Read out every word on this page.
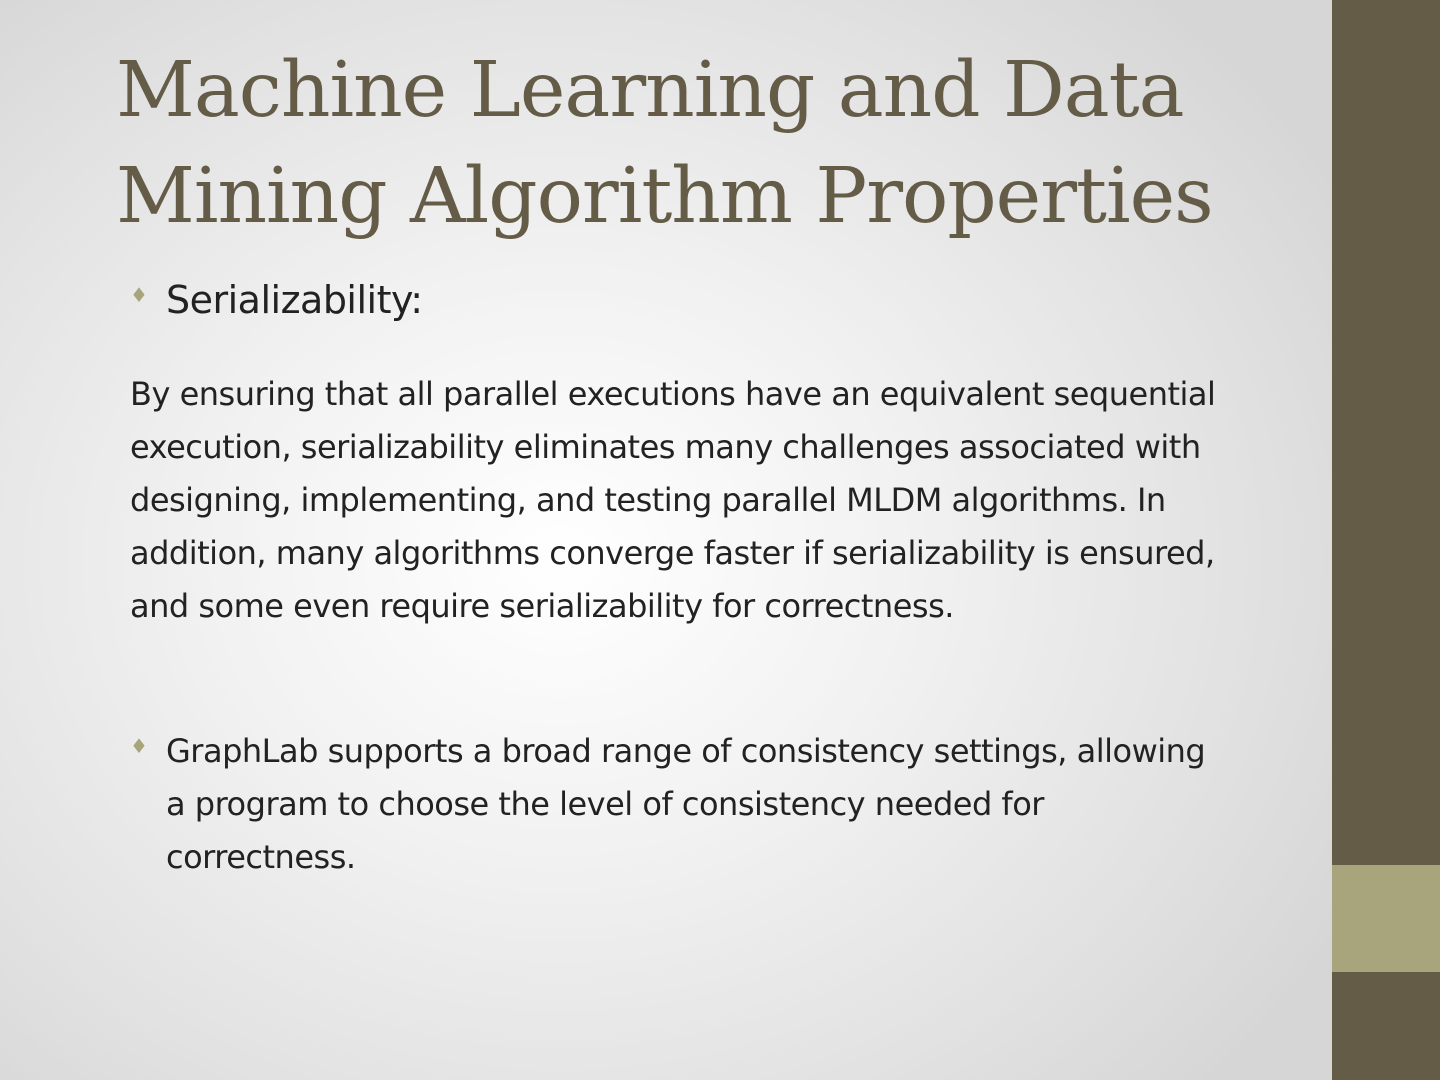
Machine Learning and Data Mining Algorithm Properties
♦ Serializability:

By ensuring that all parallel executions have an equivalent sequential execution, serializability eliminates many challenges associated with designing, implementing, and testing parallel MLDM algorithms. In addition, many algorithms converge faster if serializability is ensured, and some even require serializability for correctness.

♦ GraphLab supports a broad range of consistency settings, allowing a program to choose the level of consistency needed for correctness.
